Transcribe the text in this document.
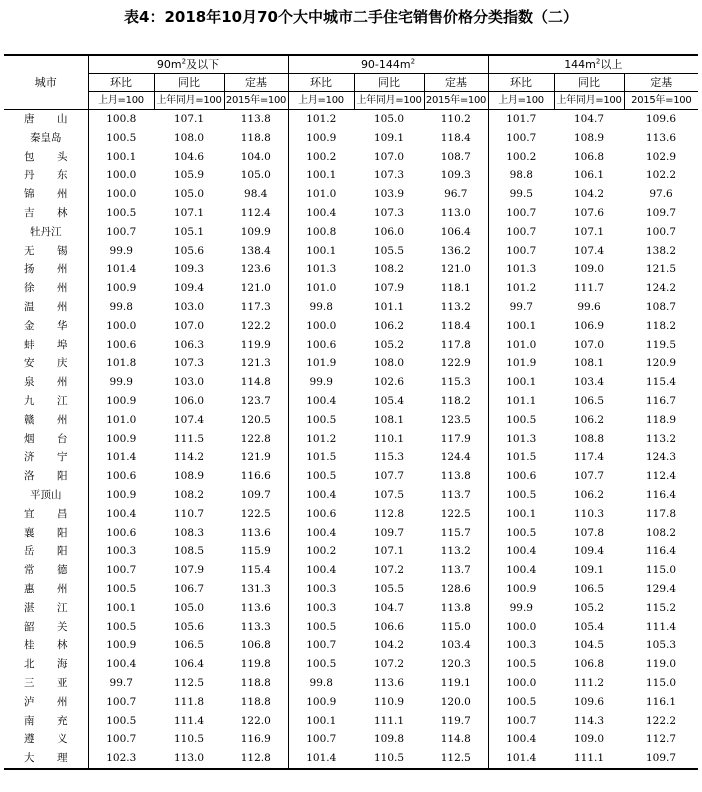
表4：2018年10月70个大中城市二手住宅销售价格分类指数（二）
城市	$90m^2$及以下			$90-144m^2$			$144m^2$以上		
	环比	同比	定基	环比	同比	定基	环比	同比	定基
	上月=100	上年同月=100	2015年=100	上月=100	上年同月=100	2015年=100	上月=100	上年同月=100	2015年=100
唐　山	100.8	107.1	113.8	101.2	105.0	110.2	101.7	104.7	109.6
秦皇岛	100.5	108.0	118.8	100.9	109.1	118.4	100.7	108.9	113.6
包　头	100.1	104.6	104.0	100.2	107.0	108.7	100.2	106.8	102.9
丹　东	100.0	105.9	105.0	100.1	107.3	109.3	98.8	106.1	102.2
锦　州	100.0	105.0	98.4	101.0	103.9	96.7	99.5	104.2	97.6
吉　林	100.5	107.1	112.4	100.4	107.3	113.0	100.7	107.6	109.7
牡丹江	100.7	105.1	109.9	100.8	106.0	106.4	100.7	107.1	100.7
无　锡	99.9	105.6	138.4	100.1	105.5	136.2	100.7	107.4	138.2
扬　州	101.4	109.3	123.6	101.3	108.2	121.0	101.3	109.0	121.5
徐　州	100.9	109.4	121.0	101.0	107.9	118.1	101.2	111.7	124.2
温　州	99.8	103.0	117.3	99.8	101.1	113.2	99.7	99.6	108.7
金　华	100.0	107.0	122.2	100.0	106.2	118.4	100.1	106.9	118.2
蚌　埠	100.6	106.3	119.9	100.6	105.2	117.8	101.0	107.0	119.5
安　庆	101.8	107.3	121.3	101.9	108.0	122.9	101.9	108.1	120.9
泉　州	99.9	103.0	114.8	99.9	102.6	115.3	100.1	103.4	115.4
九　江	100.9	106.0	123.7	100.4	105.4	118.2	101.1	106.5	116.7
赣　州	101.0	107.4	120.5	100.5	108.1	123.5	100.5	106.2	118.9
烟　台	100.9	111.5	122.8	101.2	110.1	117.9	101.3	108.8	113.2
济　宁	101.4	114.2	121.9	101.5	115.3	124.4	101.5	117.4	124.3
洛　阳	100.6	108.9	116.6	100.5	107.7	113.8	100.6	107.7	112.4
平顶山	100.9	108.2	109.7	100.4	107.5	113.7	100.5	106.2	116.4
宜　昌	100.4	110.7	122.5	100.6	112.8	122.5	100.1	110.3	117.8
襄　阳	100.6	108.3	113.6	100.4	109.7	115.7	100.5	107.8	108.2
岳　阳	100.3	108.5	115.9	100.2	107.1	113.2	100.4	109.4	116.4
常　德	100.7	107.9	115.4	100.4	107.2	113.7	100.4	109.1	115.0
惠　州	100.5	106.7	131.3	100.3	105.5	128.6	100.9	106.5	129.4
湛　江	100.1	105.0	113.6	100.3	104.7	113.8	99.9	105.2	115.2
韶　关	100.5	105.6	113.3	100.5	106.6	115.0	100.0	105.4	111.4
桂　林	100.9	106.5	106.8	100.7	104.2	103.4	100.3	104.5	105.3
北　海	100.4	106.4	119.8	100.5	107.2	120.3	100.5	106.8	119.0
三　亚	99.7	112.5	118.8	99.8	113.6	119.1	100.0	111.2	115.0
泸　州	100.7	111.8	118.8	100.9	110.9	120.0	100.5	109.6	116.1
南　充	100.5	111.4	122.0	100.1	111.1	119.7	100.7	114.3	122.2
遵　义	100.7	110.5	116.9	100.7	109.8	114.8	100.4	109.0	112.7
大　理	102.3	113.0	112.8	101.4	110.5	112.5	101.4	111.1	109.7
